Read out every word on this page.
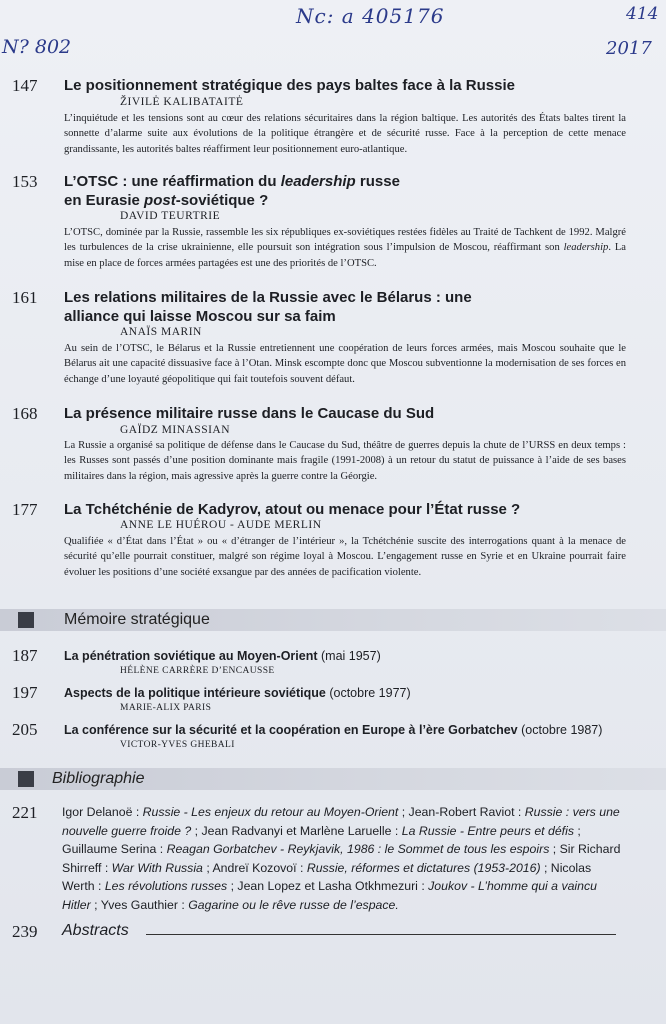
Nc: a 405176	414
N? 802	2017
147 Le positionnement stratégique des pays baltes face à la Russie
ŽIVILĖ KALIBATAITĖ
L’inquiétude et les tensions sont au cœur des relations sécuritaires dans la région baltique. Les autorités des États baltes tirent la sonnette d’alarme suite aux évolutions de la politique étrangère et de sécurité russe. Face à la perception de cette menace grandissante, les autorités baltes réaffirment leur positionnement euro-atlantique.
153 L’OTSC : une réaffirmation du leadership russe
en Eurasie post-soviétique ?
DAVID TEURTRIE
L’OTSC, dominée par la Russie, rassemble les six républiques ex-soviétiques restées fidèles au Traité de Tachkent de 1992. Malgré les turbulences de la crise ukrainienne, elle poursuit son intégration sous l’impulsion de Moscou, réaffirmant son leadership. La mise en place de forces armées partagées est une des priorités de l’OTSC.
161 Les relations militaires de la Russie avec le Bélarus : une alliance qui laisse Moscou sur sa faim
ANAÏS MARIN
Au sein de l’OTSC, le Bélarus et la Russie entretiennent une coopération de leurs forces armées, mais Moscou souhaite que le Bélarus ait une capacité dissuasive face à l’Otan. Minsk escompte donc que Moscou subventionne la modernisation de ses forces en échange d’une loyauté géopolitique qui fait toutefois souvent défaut.
168 La présence militaire russe dans le Caucase du Sud
GAÏDZ MINASSIAN
La Russie a organisé sa politique de défense dans le Caucase du Sud, théâtre de guerres depuis la chute de l’URSS en deux temps : les Russes sont passés d’une position dominante mais fragile (1991-2008) à un retour du statut de puissance à l’aide de ses bases militaires dans la région, mais agressive après la guerre contre la Géorgie.
177 La Tchétchénie de Kadyrov, atout ou menace pour l’État russe ?
ANNE LE HUÉROU - AUDE MERLIN
Qualifiée « d’État dans l’État » ou « d’étranger de l’intérieur », la Tchétchénie suscite des interrogations quant à la menace de sécurité qu’elle pourrait constituer, malgré son régime loyal à Moscou. L’engagement russe en Syrie et en Ukraine pourrait faire évoluer les positions d’une société exsangue par des années de pacification violente.
Mémoire stratégique
187 La pénétration soviétique au Moyen-Orient (mai 1957)
HÉLÈNE CARRÈRE D’ENCAUSSE
197 Aspects de la politique intérieure soviétique (octobre 1977)
MARIE-ALIX PARIS
205 La conférence sur la sécurité et la coopération en Europe à l’ère Gorbatchev (octobre 1987)
VICTOR-YVES GHEBALI
Bibliographie
221 Igor Delanoë : Russie - Les enjeux du retour au Moyen-Orient ; Jean-Robert Raviot : Russie : vers une nouvelle guerre froide ? ; Jean Radvanyi et Marlène Laruelle : La Russie - Entre peurs et défis ; Guillaume Serina : Reagan Gorbatchev - Reykjavik, 1986 : le Sommet de tous les espoirs ; Sir Richard Shirreff : War With Russia ; Andreï Kozovoï : Russie, réformes et dictatures (1953-2016) ; Nicolas Werth : Les révolutions russes ; Jean Lopez et Lasha Otkhmezuri : Joukov - L’homme qui a vaincu Hitler ; Yves Gauthier : Gagarine ou le rêve russe de l’espace.
239 Abstracts
